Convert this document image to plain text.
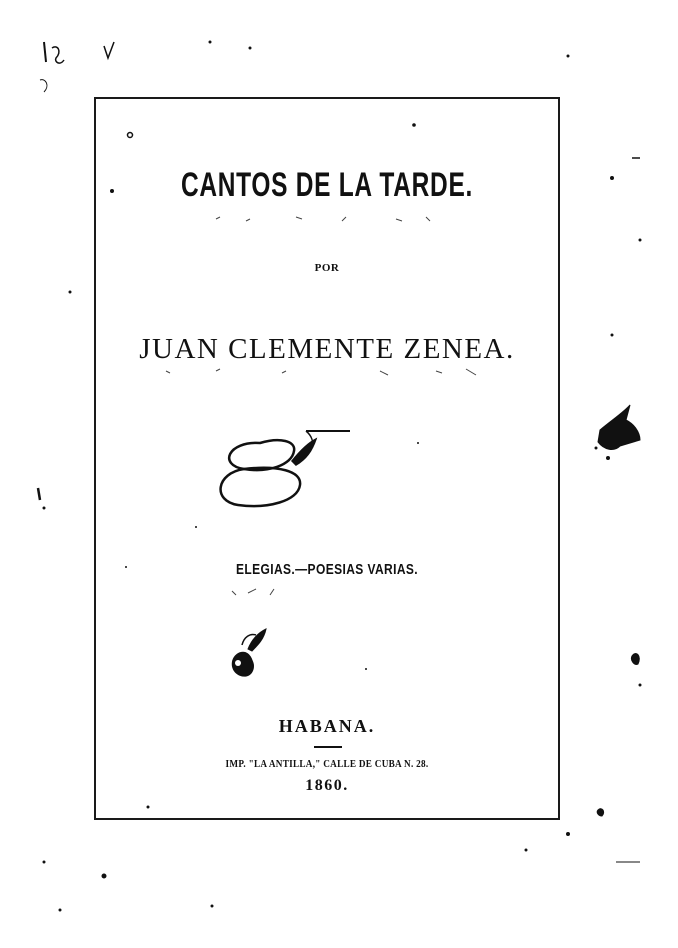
CANTOS DE LA TARDE.
POR
JUAN CLEMENTE ZENEA.
ELEGIAS.—POESIAS VARIAS.
HABANA.
IMP. "LA ANTILLA," CALLE DE CUBA N. 28.
1860.
